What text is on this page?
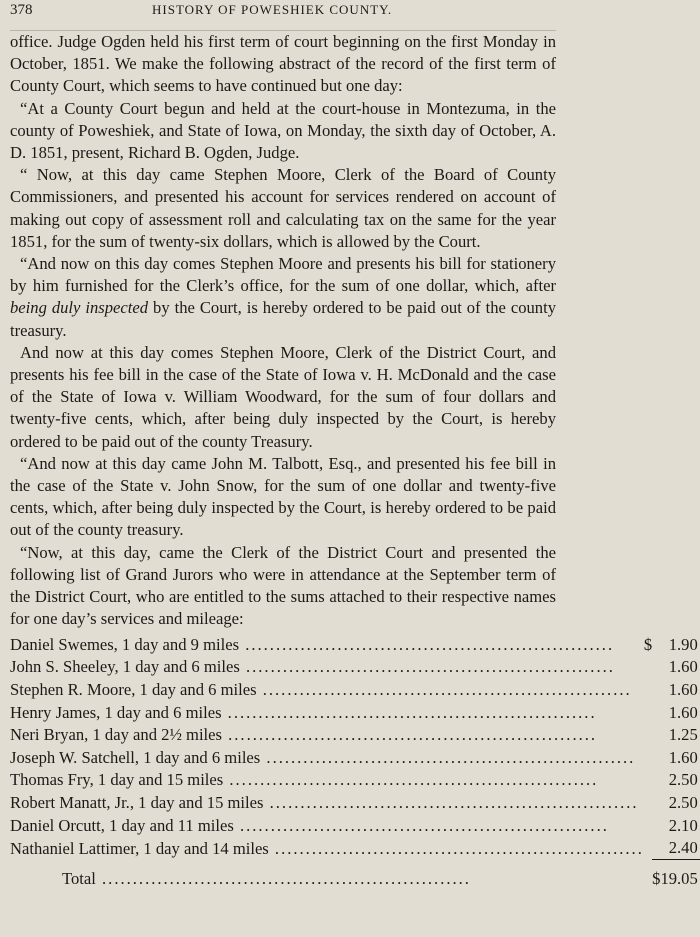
378	HISTORY OF POWESHIEK COUNTY.

office. Judge Ogden held his first term of court beginning on the first Monday in October, 1851. We make the following abstract of the record of the first term of County Court, which seems to have continued but one day:

“At a County Court begun and held at the court-house in Montezuma, in the county of Poweshiek, and State of Iowa, on Monday, the sixth day of October, A. D. 1851, present, Richard B. Ogden, Judge.

“ Now, at this day came Stephen Moore, Clerk of the Board of County Commissioners, and presented his account for services rendered on account of making out copy of assessment roll and calculating tax on the same for the year 1851, for the sum of twenty-six dollars, which is allowed by the Court.

“And now on this day comes Stephen Moore and presents his bill for stationery by him furnished for the Clerk’s office, for the sum of one dollar, which, after being duly inspected by the Court, is hereby ordered to be paid out of the county treasury.

And now at this day comes Stephen Moore, Clerk of the District Court, and presents his fee bill in the case of the State of Iowa v. H. McDonald and the case of the State of Iowa v. William Woodward, for the sum of four dollars and twenty-five cents, which, after being duly inspected by the Court, is hereby ordered to be paid out of the county Treasury.

“And now at this day came John M. Talbott, Esq., and presented his fee bill in the case of the State v. John Snow, for the sum of one dollar and twenty-five cents, which, after being duly inspected by the Court, is hereby ordered to be paid out of the county treasury.

“Now, at this day, came the Clerk of the District Court and presented the following list of Grand Jurors who were in attendance at the September term of the District Court, who are entitled to the sums attached to their respective names for one day’s services and mileage:

Daniel Swemes, 1 day and 9 miles ............................................................	$	1.90
John S. Sheeley, 1 day and 6 miles ............................................................		1.60
Stephen R. Moore, 1 day and 6 miles ............................................................		1.60
Henry James, 1 day and 6 miles ............................................................		1.60
Neri Bryan, 1 day and 2½ miles ............................................................		1.25
Joseph W. Satchell, 1 day and 6 miles ............................................................		1.60
Thomas Fry, 1 day and 15 miles ............................................................		2.50
Robert Manatt, Jr., 1 day and 15 miles ............................................................		2.50
Daniel Orcutt, 1 day and 11 miles ............................................................		2.10
Nathaniel Lattimer, 1 day and 14 miles ............................................................		2.40
Total ............................................................		$19.05
